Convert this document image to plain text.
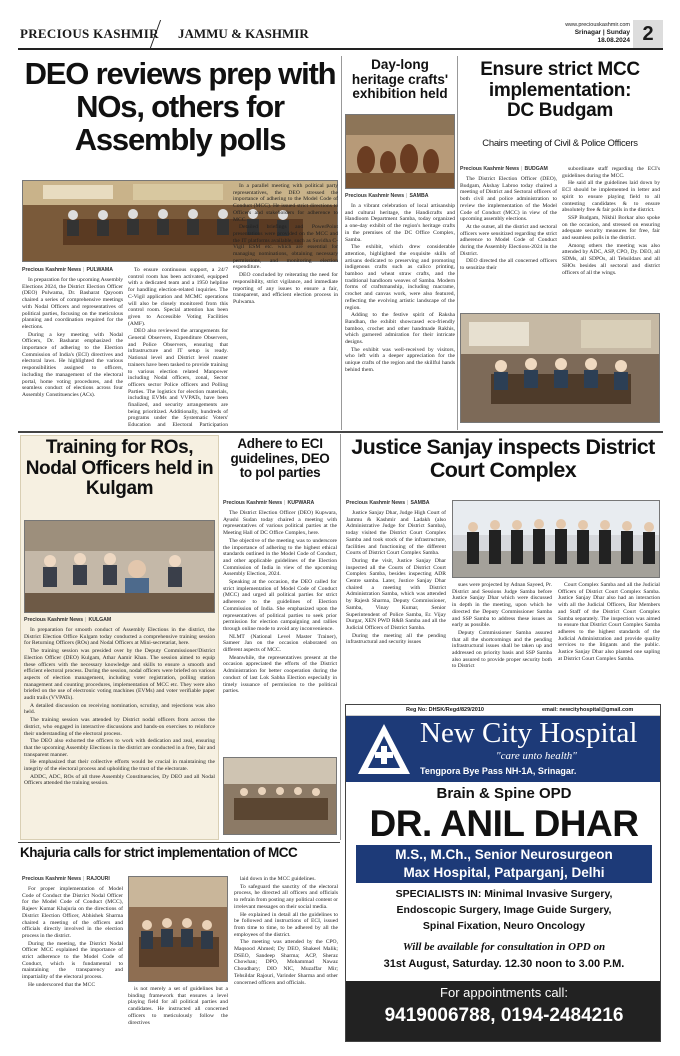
PRECIOUS KASHMIR JAMMU & KASHMIR
www.preciouskashmir.com
Srinagar | Sunday
18.08.2024 2
DEO reviews prep with NOs, others for Assembly polls
Precious Kashmir News | PULWAMA

In preparation for the upcoming Assembly Elections 2024, the District Election Officer (DEO) Pulwama, Dr. Basharat Qayoom chaired a series of comprehensive meetings with Nodal Officers and representatives of political parties, focusing on the meticulous planning and coordination required for the elections.

During a key meeting with Nodal Officers, Dr. Basharat emphasized the importance of adhering to the Election Commission of India's (ECI) directives and electoral laws. He highlighted the various responsibilities assigned to officers, including the management of the electoral portal, home voting procedures, and the seamless conduct of elections across four Assembly Constituencies (ACs).

To ensure continuous support, a 24/7 control room has been activated, equipped with a dedicated team and a 1950 helpline for handling election-related inquiries. The C-Vigil application and MCMC operations will also be closely monitored from this control room. Special attention has been given to Accessible Voting Facilities (AMF).

DEO also reviewed the arrangements for General Observers, Expenditure Observers, and Police Observers, ensuring that infrastructure and IT setup is ready. National level and District level master trainers have been tasked to provide training to various election related Manpower including Nodal officers, zonal, Sector officers sector Police officers and Polling Parties. The logistics for election materials, including EVMs and VVPATs, have been finalized, and security arrangements are being prioritized. Additionally, hundreds of programs under the Systematic Voters' Education and Electoral Participation

In a parallel meeting with political party representatives, the DEO stressed the importance of adhering to the Model Code of Conduct (MCC). He issued strict directions to Officers and stakeholders for adherence to MCC.

Detailed briefings and PowerPoint presentations were provided on the MCC and the IT platforms available, such as Suvidha C-Vigil ESM etc. which are essential for managing nominations, obtaining necessary permissions, and monitoring election expenditure.

DEO concluded by reiterating the need for responsibility, strict vigilance, and immediate reporting of any issues to ensure a fair, transparent, and efficient election process in Pulwama.

Day-long heritage crafts' exhibition held
Precious Kashmir News | SAMBA

In a vibrant celebration of local artisanship and cultural heritage, the Handicrafts and Handloom Department Samba, today organized a one-day exhibit of the region's heritage crafts in the premises of the DC Office Complex, Samba.

The exhibit, which drew considerable attention, highlighted the exquisite skills of artisans dedicated to preserving and promoting indigenous crafts such as calico printing, bamboo and wheat straw crafts, and the traditional handloom weaves of Samba. Modern forms of craftsmanship, including macrame, crochet and canvas work, were also featured, reflecting the evolving artistic landscape of the region.

Adding to the festive spirit of Raksha Bandhan, the exhibit showcased eco-friendly bamboo, crochet and other handmade Rakhis, which garnered admiration for their intricate designs.

The exhibit was well-received by visitors, who left with a deeper appreciation for the unique crafts of the region and the skillful hands behind them.

Ensure strict MCC implementation:
DC Budgam
Chairs meeting of Civil & Police Officers
Precious Kashmir News | BUDGAM

The District Election Officer (DEO), Budgam, Akshay Labroo today chaired a meeting of District and Sectoral officers of both civil and police administration to review the implementation of the Model Code of Conduct (MCC) in view of the upcoming assembly elections.

At the outset, all the district and sectoral officers were sensitized regarding the strict adherence to Model Code of Conduct during the Assembly Elections-2024 in the District.

DEO directed the all concerned officers to sensitize their

subordinate staff regarding the ECI's guidelines during the MCC.

He said all the guidelines laid down by ECI should be implemented in letter and spirit to ensure playing field to all contesting candidates & to ensure absolutely free & fair polls in the district.

SSP Budgam, Nikhil Borkar also spoke on the occasion, and stressed on ensuring adequate security measures for free, fair and seamless polls in the district.

Among others the meeting was also attended by ADC, ASP, CPO, Dy. DEO, all SDMs, all SDPOs, all Tehsildars and all SHOs besides all sectoral and district officers of all the wings.

Training for ROs, Nodal Officers held in Kulgam
Precious Kashmir News | KULGAM

In preparation for smooth conduct of Assembly Elections in the district, the District Election Office Kulgam today conducted a comprehensive training session for Returning Officers (ROs) and Nodal Officers at Mini-secretariat, here.

The training session was presided over by the Deputy Commissioner/District Election Officer (DEO) Kulgam, Athar Aamir Khan. The session aimed to equip these officers with the necessary knowledge and skills to ensure a smooth and efficient electoral process. During the session, nodal officers were briefed on various aspects of election management, including voter registration, polling station management and counting procedures, implementation of MCC etc. They were also briefed on the use of electronic voting machines (EVMs) and voter verifiable paper audit trails (VVPATs).

A detailed discussion on receiving nomination, scrutiny, and rejections was also held.

The training session was attended by District nodal officers from across the district, who engaged in interactive discussions and hands-on exercises to reinforce their understanding of the electoral process.

The DEO also exhorted the officers to work with dedication and zeal, ensuring that the upcoming Assembly Elections in the district are conducted in a free, fair and transparent manner.

He emphasized that their collective efforts would be crucial in maintaining the integrity of the electoral process and upholding the trust of the electorate.

ADDC, ADC, ROs of all three Assembly Constituencies, Dy DEO and all Nodal Officers attended the training session.

Adhere to ECI guidelines, DEO to pol parties
Precious Kashmir News | KUPWARA

The District Election Officer (DEO) Kupwara, Ayushi Sudan today chaired a meeting with representatives of various political parties at the Meeting Hall of DC Office Complex, here.

The objective of the meeting was to underscore the importance of adhering to the highest ethical standards outlined in the Model Code of Conduct, and other applicable guidelines of the Election Commission of India in view of the upcoming Assembly Election, 2024.

Speaking at the occasion, the DEO called for strict implementation of Model Code of Conduct (MCC) and urged all political parties for strict adherence to the guidelines of Election Commission of India. She emphasized upon the representatives of political parties to seek prior permission for election campaigning and rallies through online mode to avoid any inconvenience.

NLMT (National Level Master Trainer), Sameer Jan on the occasion elaborated on different aspects of MCC.

Meanwhile, the representatives present at the occasion appreciated the efforts of the District Administration for better cooperation during the conduct of last Lok Sabha Election especially in timely issuance of permission to the political parties.

Justice Sanjay inspects District Court Complex
Precious Kashmir News | SAMBA

Justice Sanjay Dhar, Judge High Court of Jammu & Kashmir and Ladakh (also Administrative Judge for District Samba), today visited the District Court Complex Samba and took stock of the infrastructure, facilities and functioning of the different Courts of District Court Complex Samba.

During the visit, Justice Sanjay Dhar inspected all the Courts of District Court Complex Samba, besides inspecting ADR Centre samba. Later, Justice Sanjay Dhar chaired a meeting with District Administration Samba, which was attended by Rajesh Sharma, Deputy Commissioner, Samba, Vinay Kumar, Senior Superintendent of Police Samba, Er. Vijay Durgar, XEN PWD R&B Samba and all the Judicial Officers of District Samba.

During the meeting all the pending infrastructural and security issues

sues were projected by Adnan Sayeed, Pr. District and Sessions Judge Samba before Justice Sanjay Dhar which were discussed in depth in the meeting, upon which he directed the Deputy Commissioner Samba and SSP Samba to address these issues as early as possible.

Deputy Commissioner Samba assured that all the shortcomings and the pending infrastructural issues shall be taken up and addressed on priority basis and SSP Samba also assured to provide proper security both to District

Court Complex Samba and all the Judicial Officers of District Court Complex Samba. Justice Sanjay Dhar also had an interaction with all the Judicial Officers, Bar Members and Staff of the District Court Complex Samba separately. The inspection was aimed to ensure that District Court Complex Samba adheres to the highest standards of the Judicial Administration and provide quality services to the litigants and the public. Justice Sanjay Dhar also planted one sapling at District Court Complex Samba.

Reg No: DHSK/Regd/829/2010	email: newcityhospital@gmail.com
New City Hospital
"care unto health"
Tengpora Bye Pass NH-1A, Srinagar.
Brain & Spine OPD
DR. ANIL DHAR
M.S., M.Ch., Senior Neurosurgeon
Max Hospital, Patparganj, Delhi
SPECIALISTS IN: Minimal Invasive Surgery,
Endoscopic Surgery, Image Guide Surgery,
Spinal Fixation, Neuro Oncology
Will be available for consultation in OPD on
31st August, Saturday. 12.30 noon to 3.00 P.M.
For appointments call:
9419006788, 0194-2484216
Khajuria calls for strict implementation of MCC
Precious Kashmir News | RAJOURI

For proper implementation of Model Code of Conduct the District Nodal Officer for the Model Code of Conduct (MCC), Rajeev Kumar Khajuria on the directions of District Election Officer, Abhishek Sharma chaired a meeting of the officers and officials directly involved in the election process in the district.

During the meeting, the District Nodal Officer MCC explained the importance of strict adherence to the Model Code of Conduct, which is fundamental to maintaining the transparency and impartiality of the electoral process.

He underscored that the MCC

is not merely a set of guidelines but a binding framework that ensures a level playing field for all political parties and candidates. He instructed all concerned officers to meticulously follow the directives

laid down in the MCC guidelines.

To safeguard the sanctity of the electoral process, he directed all officers and officials to refrain from posting any political content or irrelevant messages on their social media.

He explained in detail all the guidelines to be followed and instructions of ECI, issued from time to time, to be adhered by all the employees of the district.

The meeting was attended by the CPO, Maqsood Ahmed; Dy DEO, Shakeel Malik; DSEO, Sandeep Sharma; ACP, Sheraz Chowhan; DPO, Mohammad Nawaz Choudhary; DIO NIC, Muzaffar Mir; Tehsildar Rajouri, Varinder Sharma and other concerned officers and officials.
